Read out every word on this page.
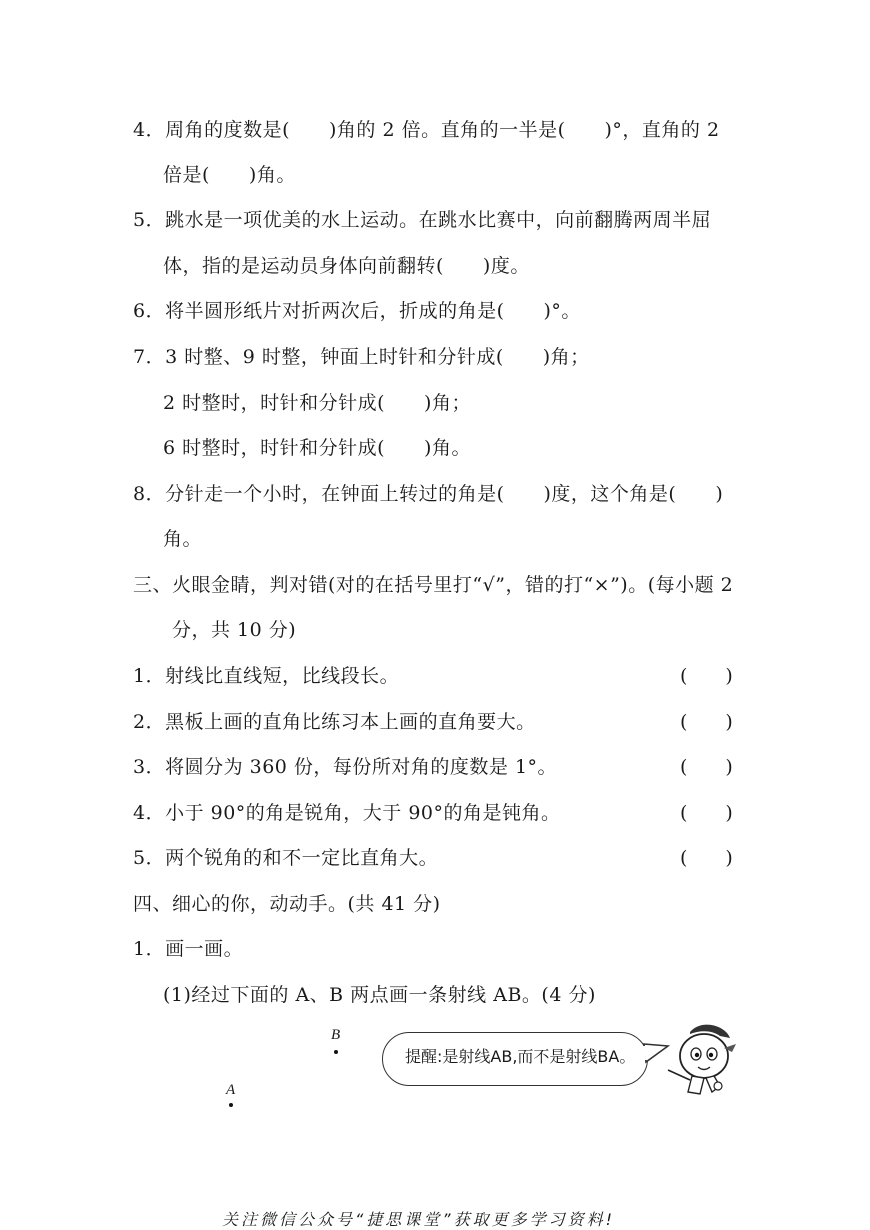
4．周角的度数是(　　)角的 2 倍。直角的一半是(　　)°，直角的 2
倍是(　　)角。
5．跳水是一项优美的水上运动。在跳水比赛中，向前翻腾两周半屈
体，指的是运动员身体向前翻转(　　)度。
6．将半圆形纸片对折两次后，折成的角是(　　)°。
7．3 时整、9 时整，钟面上时针和分针成(　　)角；
2 时整时，时针和分针成(　　)角；
6 时整时，时针和分针成(　　)角。
8．分针走一个小时，在钟面上转过的角是(　　)度，这个角是(　　)
角。
三、火眼金睛，判对错(对的在括号里打“√”，错的打“×”)。(每小题 2
分，共 10 分)
1．射线比直线短，比线段长。	(　　)
2．黑板上画的直角比练习本上画的直角要大。	(　　)
3．将圆分为 360 份，每份所对角的度数是 1°。	(　　)
4．小于 90°的角是锐角，大于 90°的角是钝角。	(　　)
5．两个锐角的和不一定比直角大。	(　　)
四、细心的你，动动手。(共 41 分)
1．画一画。
(1)经过下面的 A、B 两点画一条射线 AB。(4 分)
B
A
提醒:是射线AB,而不是射线BA。
关注微信公众号“捷思课堂”获取更多学习资料!
